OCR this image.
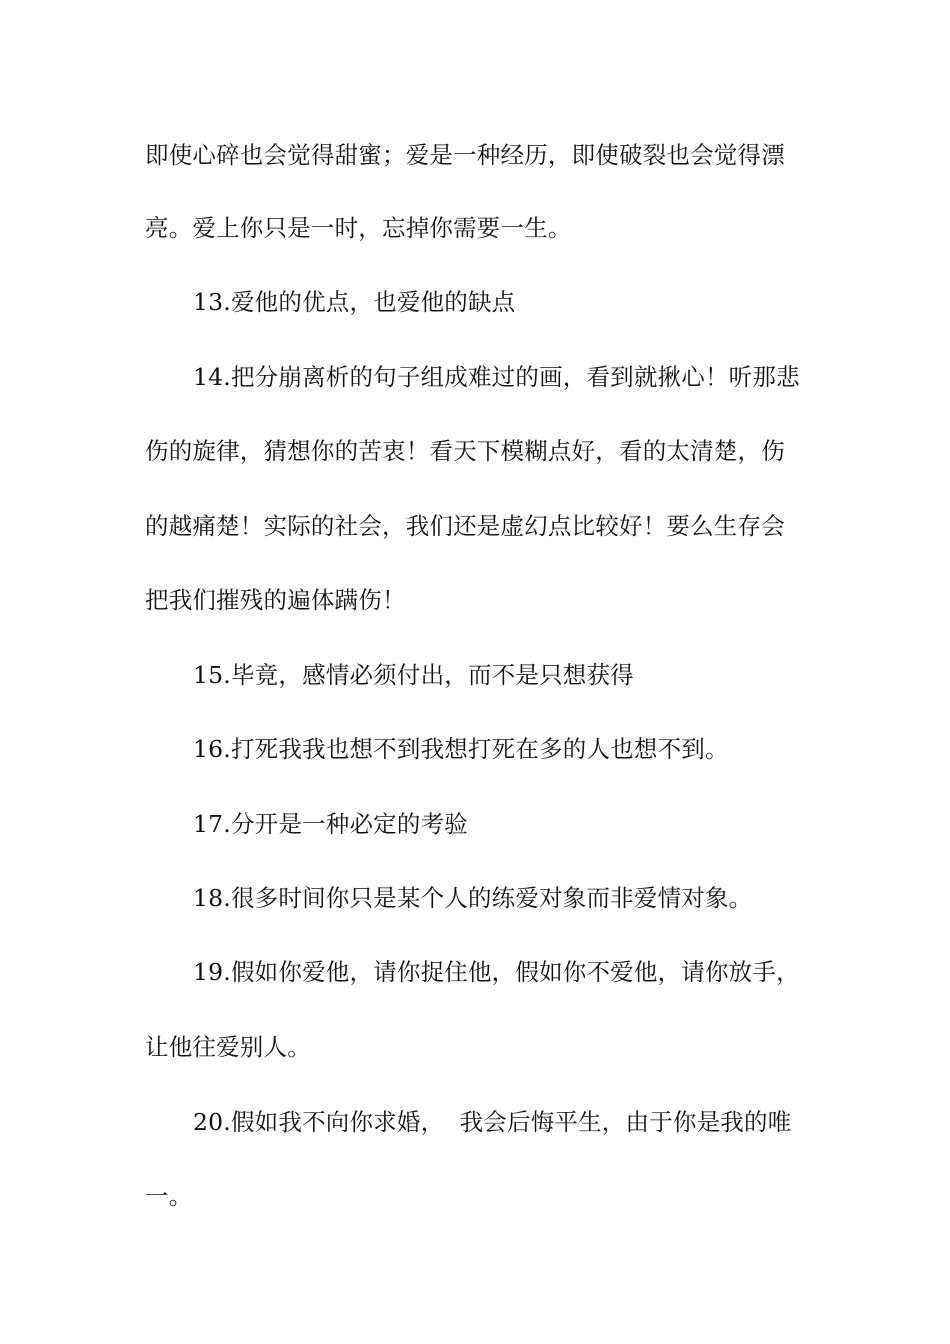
即使心碎也会觉得甜蜜；爱是一种经历，即使破裂也会觉得漂
亮。爱上你只是一时，忘掉你需要一生。
13.爱他的优点，也爱他的缺点
14.把分崩离析的句子组成难过的画，看到就揪心！听那悲
伤的旋律，猜想你的苦衷！看天下模糊点好，看的太清楚，伤
的越痛楚！实际的社会，我们还是虚幻点比较好！要么生存会
把我们摧残的遍体蹒伤！
15.毕竟，感情必须付出，而不是只想获得
16.打死我我也想不到我想打死在多的人也想不到。
17.分开是一种必定的考验
18.很多时间你只是某个人的练爱对象而非爱情对象。
19.假如你爱他，请你捉住他，假如你不爱他，请你放手，
让他往爱别人。
20.假如我不向你求婚，  我会后悔平生，由于你是我的唯
一。
